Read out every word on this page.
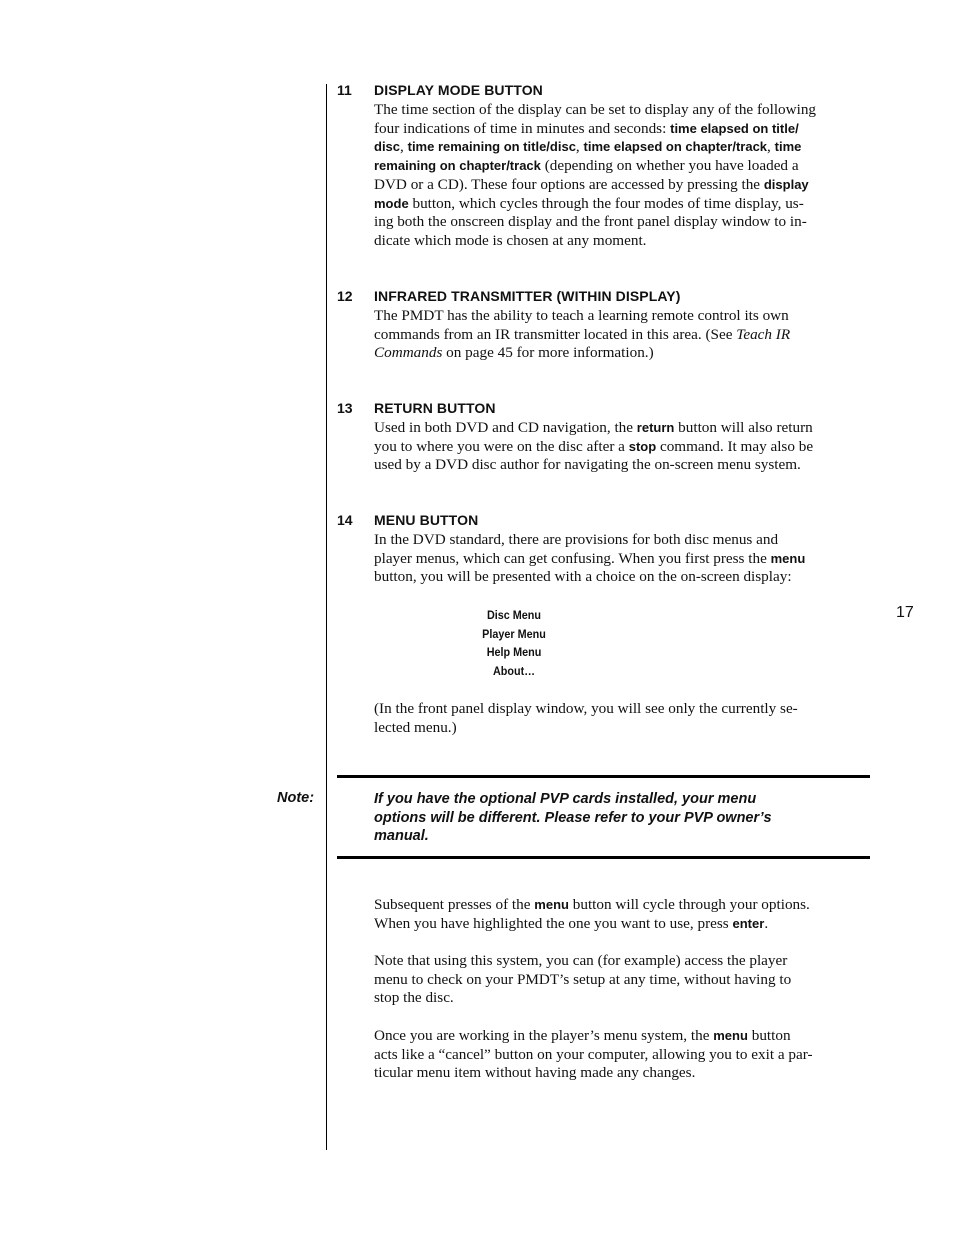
11 DISPLAY MODE BUTTON

The time section of the display can be set to display any of the following

four indications of time in minutes and seconds: time elapsed on title/

disc, time remaining on title/disc, time elapsed on chapter/track, time

remaining on chapter/track (depending on whether you have loaded a

DVD or a CD). These four options are accessed by pressing the display

mode button, which cycles through the four modes of time display, us-

ing both the onscreen display and the front panel display window to in-

dicate which mode is chosen at any moment.

12 INFRARED TRANSMITTER (WITHIN DISPLAY)

The PMDT has the ability to teach a learning remote control its own

commands from an IR transmitter located in this area. (See Teach IR

Commands on page 45 for more information.)

13 RETURN BUTTON

Used in both DVD and CD navigation, the return button will also return

you to where you were on the disc after a stop command. It may also be

used by a DVD disc author for navigating the on-screen menu system.

14 MENU BUTTON

In the DVD standard, there are provisions for both disc menus and

player menus, which can get confusing. When you first press the menu

button, you will be presented with a choice on the on-screen display:

Disc Menu
Player Menu
Help Menu
About…
17

(In the front panel display window, you will see only the currently se-

lected menu.)

Note:	If you have the optional PVP cards installed, your menu
options will be different. Please refer to your PVP owner’s
manual.

Subsequent presses of the menu button will cycle through your options.

When you have highlighted the one you want to use, press enter.

Note that using this system, you can (for example) access the player

menu to check on your PMDT’s setup at any time, without having to

stop the disc.

Once you are working in the player’s menu system, the menu button

acts like a “cancel” button on your computer, allowing you to exit a par-

ticular menu item without having made any changes.
